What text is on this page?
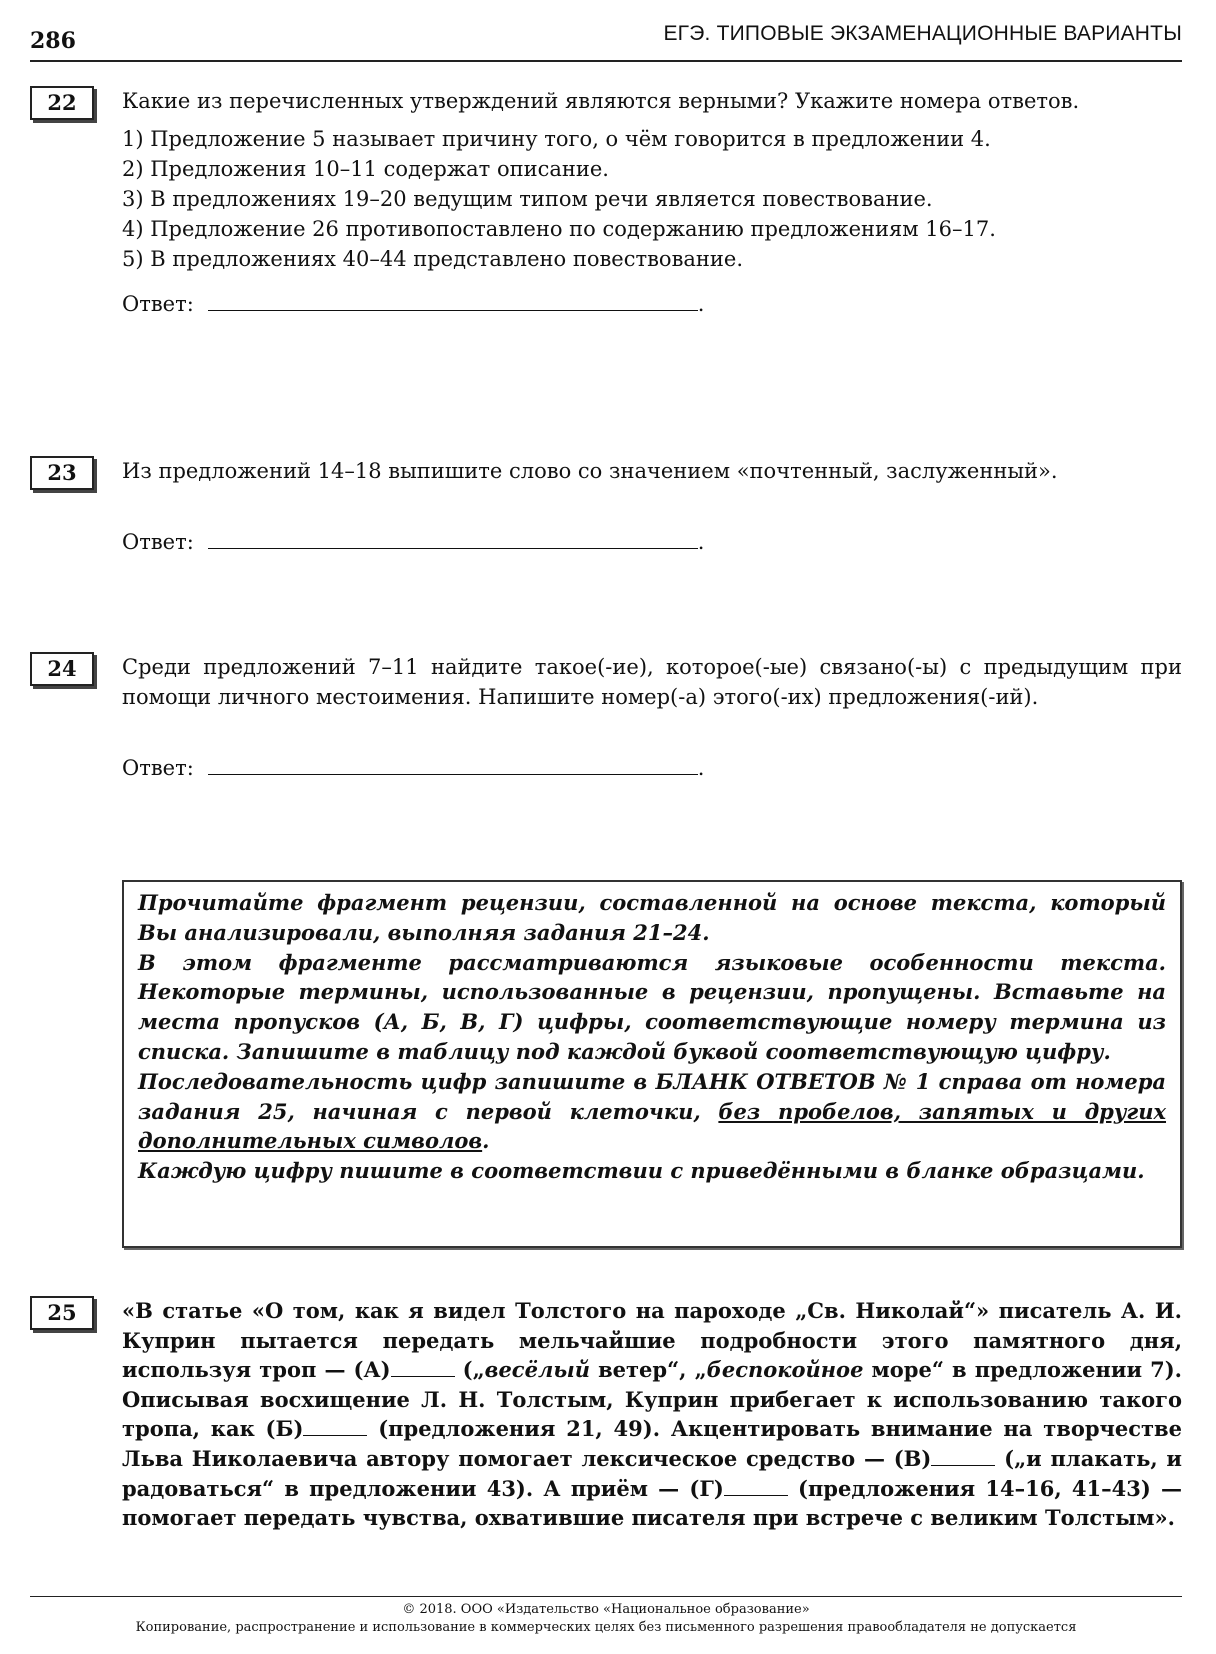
286	ЕГЭ. ТИПОВЫЕ ЭКЗАМЕНАЦИОННЫЕ ВАРИАНТЫ
22	Какие из перечисленных утверждений являются верными? Укажите номера ответов.

1) Предложение 5 называет причину того, о чём говорится в предложении 4.

2) Предложения 10–11 содержат описание.

3) В предложениях 19–20 ведущим типом речи является повествование.

4) Предложение 26 противопоставлено по содержанию предложениям 16–17.

5) В предложениях 40–44 представлено повествование.

Ответ:	.
23	Из предложений 14–18 выпишите слово со значением «почтенный, заслуженный».
Ответ:	.
24	Среди предложений 7–11 найдите такое(-ие), которое(-ые) связано(-ы) с предыдущим при помощи личного местоимения. Напишите номер(-а) этого(-их) предложения(-ий).
Ответ:	.

Прочитайте фрагмент рецензии, составленной на основе текста, который Вы анализировали, выполняя задания 21–24.

В этом фрагменте рассматриваются языковые особенности текста. Некоторые термины, использованные в рецензии, пропущены. Вставьте на места пропусков (А, Б, В, Г) цифры, соответствующие номеру термина из списка. Запишите в таблицу под каждой буквой соответствующую цифру.

Последовательность цифр запишите в БЛАНК ОТВЕТОВ № 1 справа от номера задания 25, начиная с первой клеточки, без пробелов, запятых и других дополнительных символов.

Каждую цифру пишите в соответствии с приведёнными в бланке образцами.

25	«В статье «О том, как я видел Толстого на пароходе „Св. Николай“» писатель А. И. Куприн пытается передать мельчайшие подробности этого памятного дня, используя троп — (А)	(„весёлый ветер“, „беспокойное море“ в предложении 7). Описывая восхищение Л. Н. Толстым, Куприн прибегает к использованию такого тропа, как (Б)	(предложения 21, 49). Акцентировать внимание на творчестве Льва Николаевича автору помогает лексическое средство — (В)	(„и плакать, и радоваться“ в предложении 43). А приём — (Г)	(предложения 14–16, 41–43) — помогает передать чувства, охватившие писателя при встрече с великим Толстым».
© 2018. ООО «Издательство «Национальное образование»
Копирование, распространение и использование в коммерческих целях без письменного разрешения правообладателя не допускается
